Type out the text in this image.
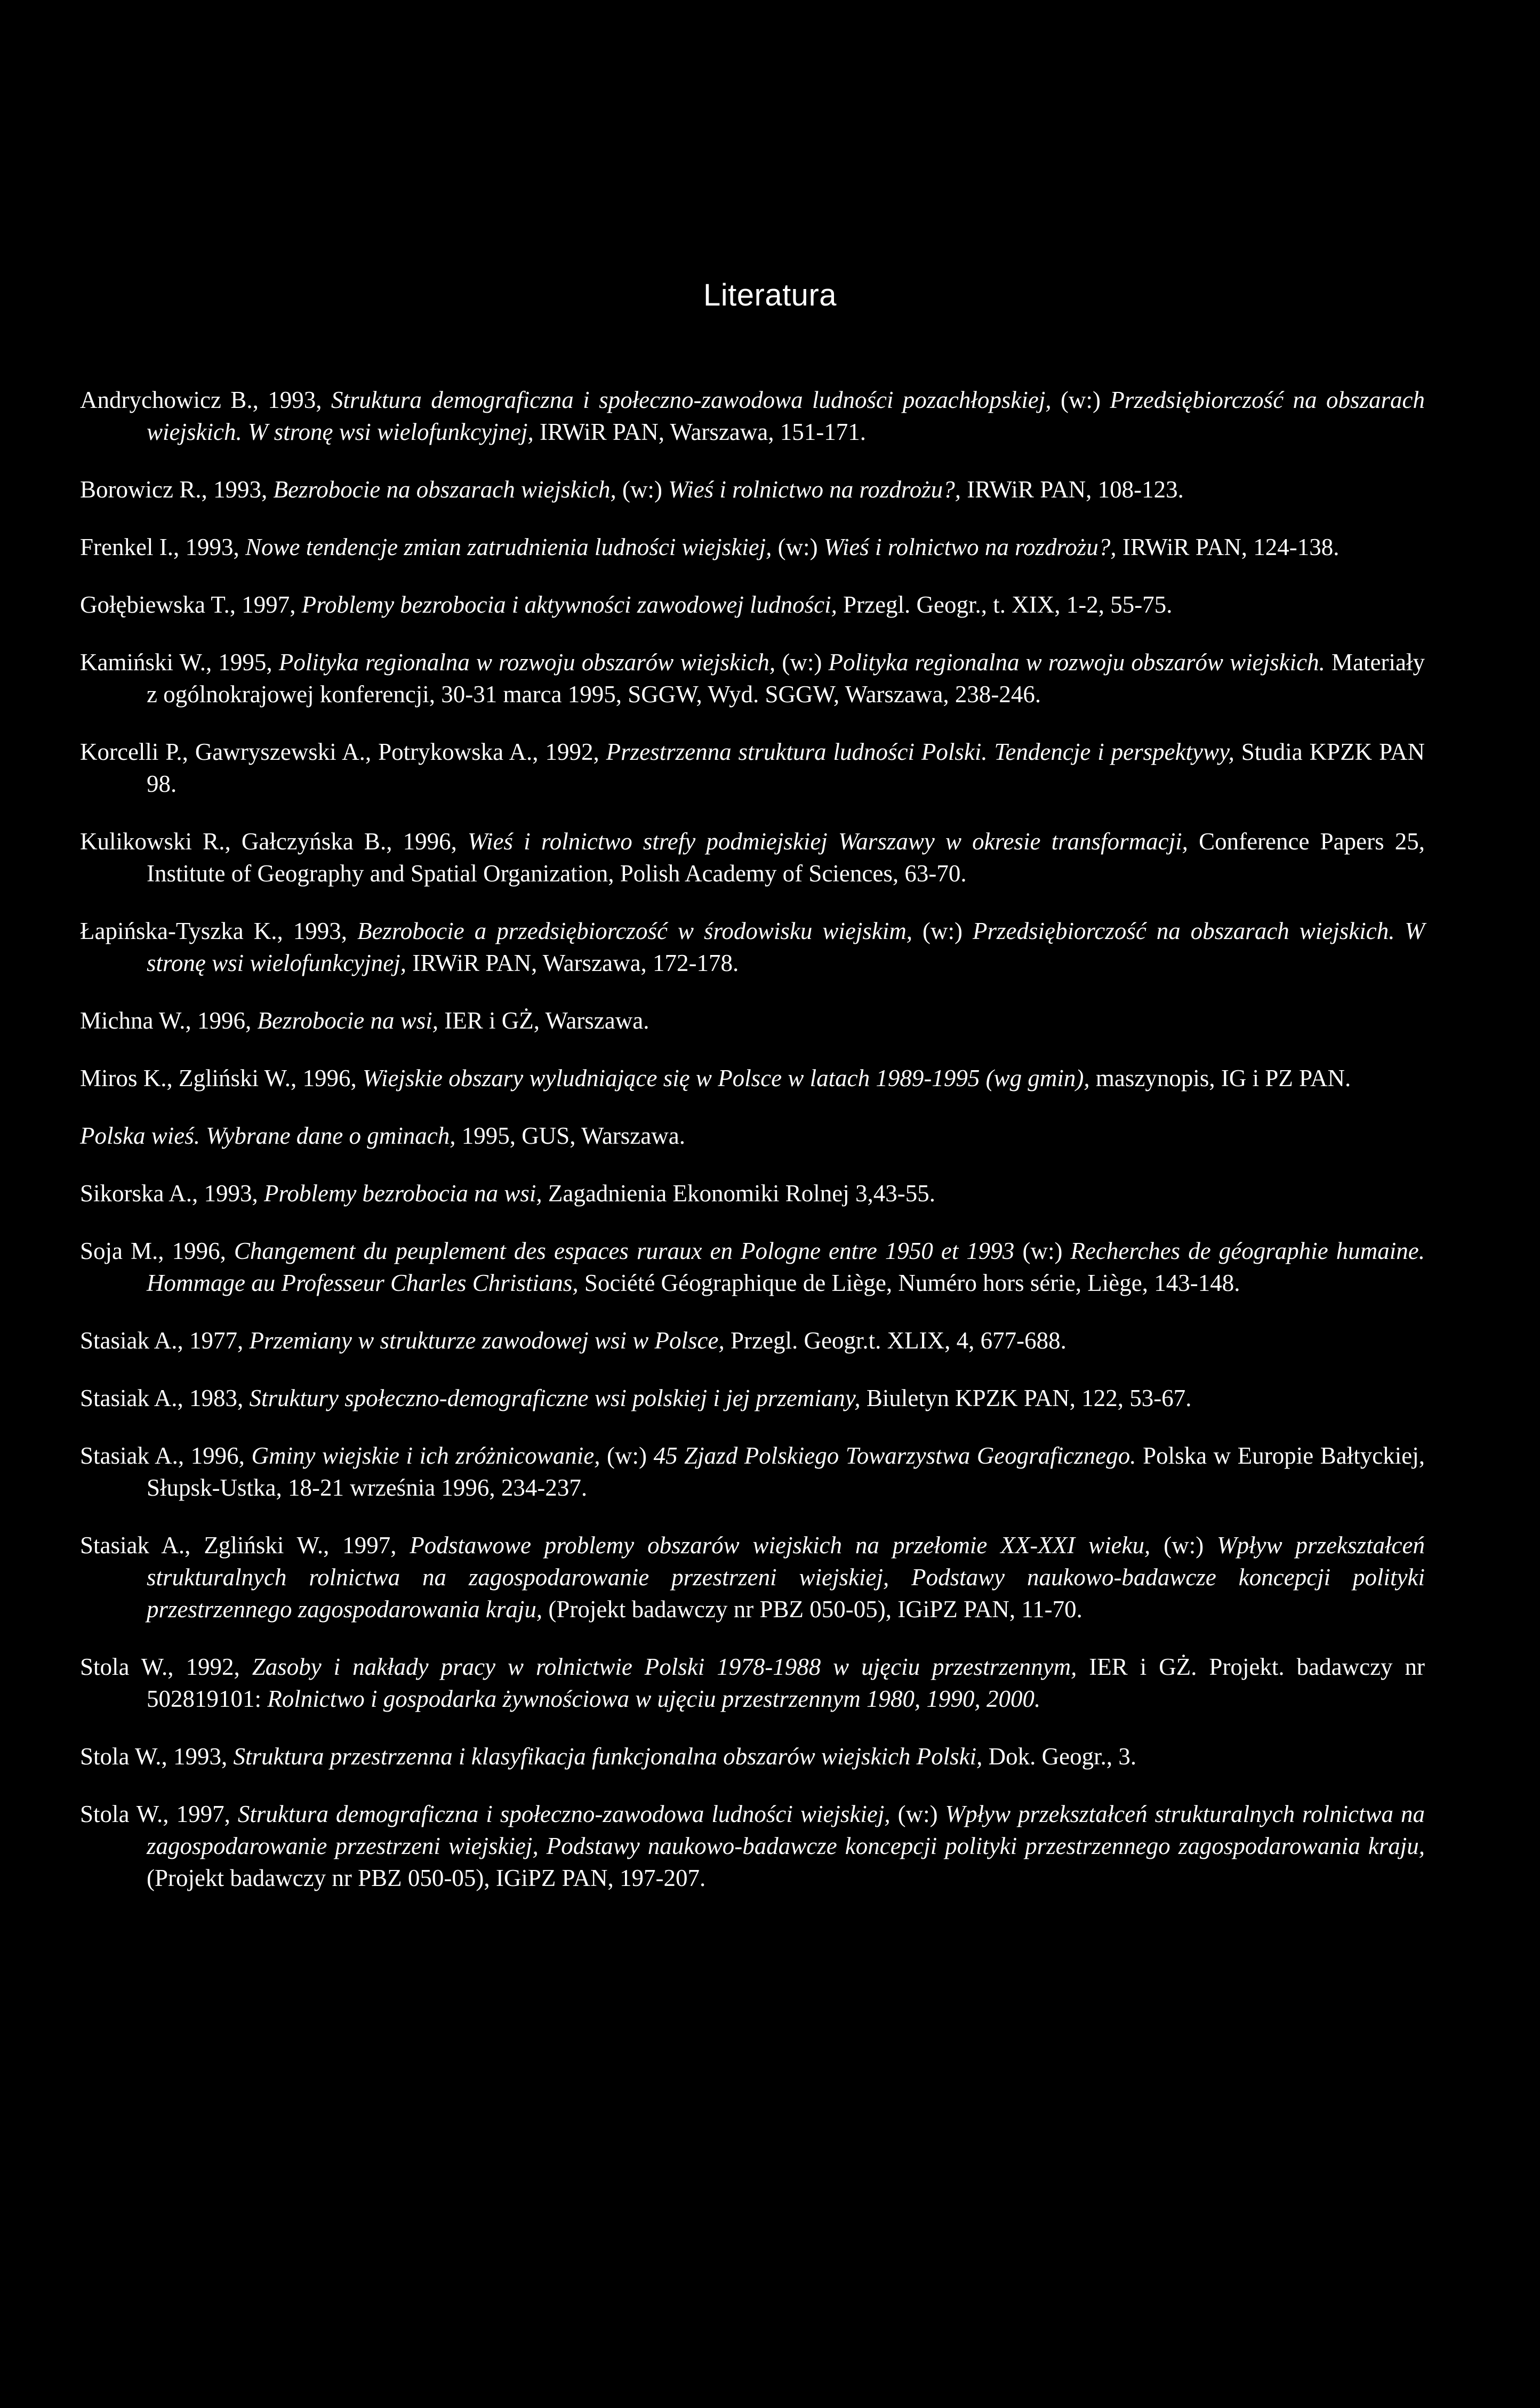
Literatura
Andrychowicz B., 1993, Struktura demograficzna i społeczno-zawodowa ludności pozachłopskiej, (w:) Przedsiębiorczość na obszarach wiejskich. W stronę wsi wielofunkcyjnej, IRWiR PAN, Warszawa, 151-171.
Borowicz R., 1993, Bezrobocie na obszarach wiejskich, (w:) Wieś i rolnictwo na rozdrożu?, IRWiR PAN, 108-123.
Frenkel I., 1993, Nowe tendencje zmian zatrudnienia ludności wiejskiej, (w:) Wieś i rolnictwo na rozdrożu?, IRWiR PAN, 124-138.
Gołębiewska T., 1997, Problemy bezrobocia i aktywności zawodowej ludności, Przegl. Geogr., t. XIX, 1-2, 55-75.
Kamiński W., 1995, Polityka regionalna w rozwoju obszarów wiejskich, (w:) Polityka regionalna w rozwoju obszarów wiejskich. Materiały z ogólnokrajowej konferencji, 30-31 marca 1995, SGGW, Wyd. SGGW, Warszawa, 238-246.
Korcelli P., Gawryszewski A., Potrykowska A., 1992, Przestrzenna struktura ludności Polski. Tendencje i perspektywy, Studia KPZK PAN 98.
Kulikowski R., Gałczyńska B., 1996, Wieś i rolnictwo strefy podmiejskiej Warszawy w okresie transformacji, Conference Papers 25, Institute of Geography and Spatial Organization, Polish Academy of Sciences, 63-70.
Łapińska-Tyszka K., 1993, Bezrobocie a przedsiębiorczość w środowisku wiejskim, (w:) Przedsiębiorczość na obszarach wiejskich. W stronę wsi wielofunkcyjnej, IRWiR PAN, Warszawa, 172-178.
Michna W., 1996, Bezrobocie na wsi, IER i GŻ, Warszawa.
Miros K., Zgliński W., 1996, Wiejskie obszary wyludniające się w Polsce w latach 1989-1995 (wg gmin), maszynopis, IG i PZ PAN.
Polska wieś. Wybrane dane o gminach, 1995, GUS, Warszawa.
Sikorska A., 1993, Problemy bezrobocia na wsi, Zagadnienia Ekonomiki Rolnej 3,43-55.
Soja M., 1996, Changement du peuplement des espaces ruraux en Pologne entre 1950 et 1993 (w:) Recherches de géographie humaine. Hommage au Professeur Charles Christians, Société Géographique de Liège, Numéro hors série, Liège, 143-148.
Stasiak A., 1977, Przemiany w strukturze zawodowej wsi w Polsce, Przegl. Geogr.t. XLIX, 4, 677-688.
Stasiak A., 1983, Struktury społeczno-demograficzne wsi polskiej i jej przemiany, Biuletyn KPZK PAN, 122, 53-67.
Stasiak A., 1996, Gminy wiejskie i ich zróżnicowanie, (w:) 45 Zjazd Polskiego Towarzystwa Geograficznego. Polska w Europie Bałtyckiej, Słupsk-Ustka, 18-21 września 1996, 234-237.
Stasiak A., Zgliński W., 1997, Podstawowe problemy obszarów wiejskich na przełomie XX-XXI wieku, (w:) Wpływ przekształceń strukturalnych rolnictwa na zagospodarowanie przestrzeni wiejskiej, Podstawy naukowo-badawcze koncepcji polityki przestrzennego zagospodarowania kraju, (Projekt badawczy nr PBZ 050-05), IGiPZ PAN, 11-70.
Stola W., 1992, Zasoby i nakłady pracy w rolnictwie Polski 1978-1988 w ujęciu przestrzennym, IER i GŻ. Projekt. badawczy nr 502819101: Rolnictwo i gospodarka żywnościowa w ujęciu przestrzennym 1980, 1990, 2000.
Stola W., 1993, Struktura przestrzenna i klasyfikacja funkcjonalna obszarów wiejskich Polski, Dok. Geogr., 3.
Stola W., 1997, Struktura demograficzna i społeczno-zawodowa ludności wiejskiej, (w:) Wpływ przekształceń strukturalnych rolnictwa na zagospodarowanie przestrzeni wiejskiej, Podstawy naukowo-badawcze koncepcji polityki przestrzennego zagospodarowania kraju, (Projekt badawczy nr PBZ 050-05), IGiPZ PAN, 197-207.
